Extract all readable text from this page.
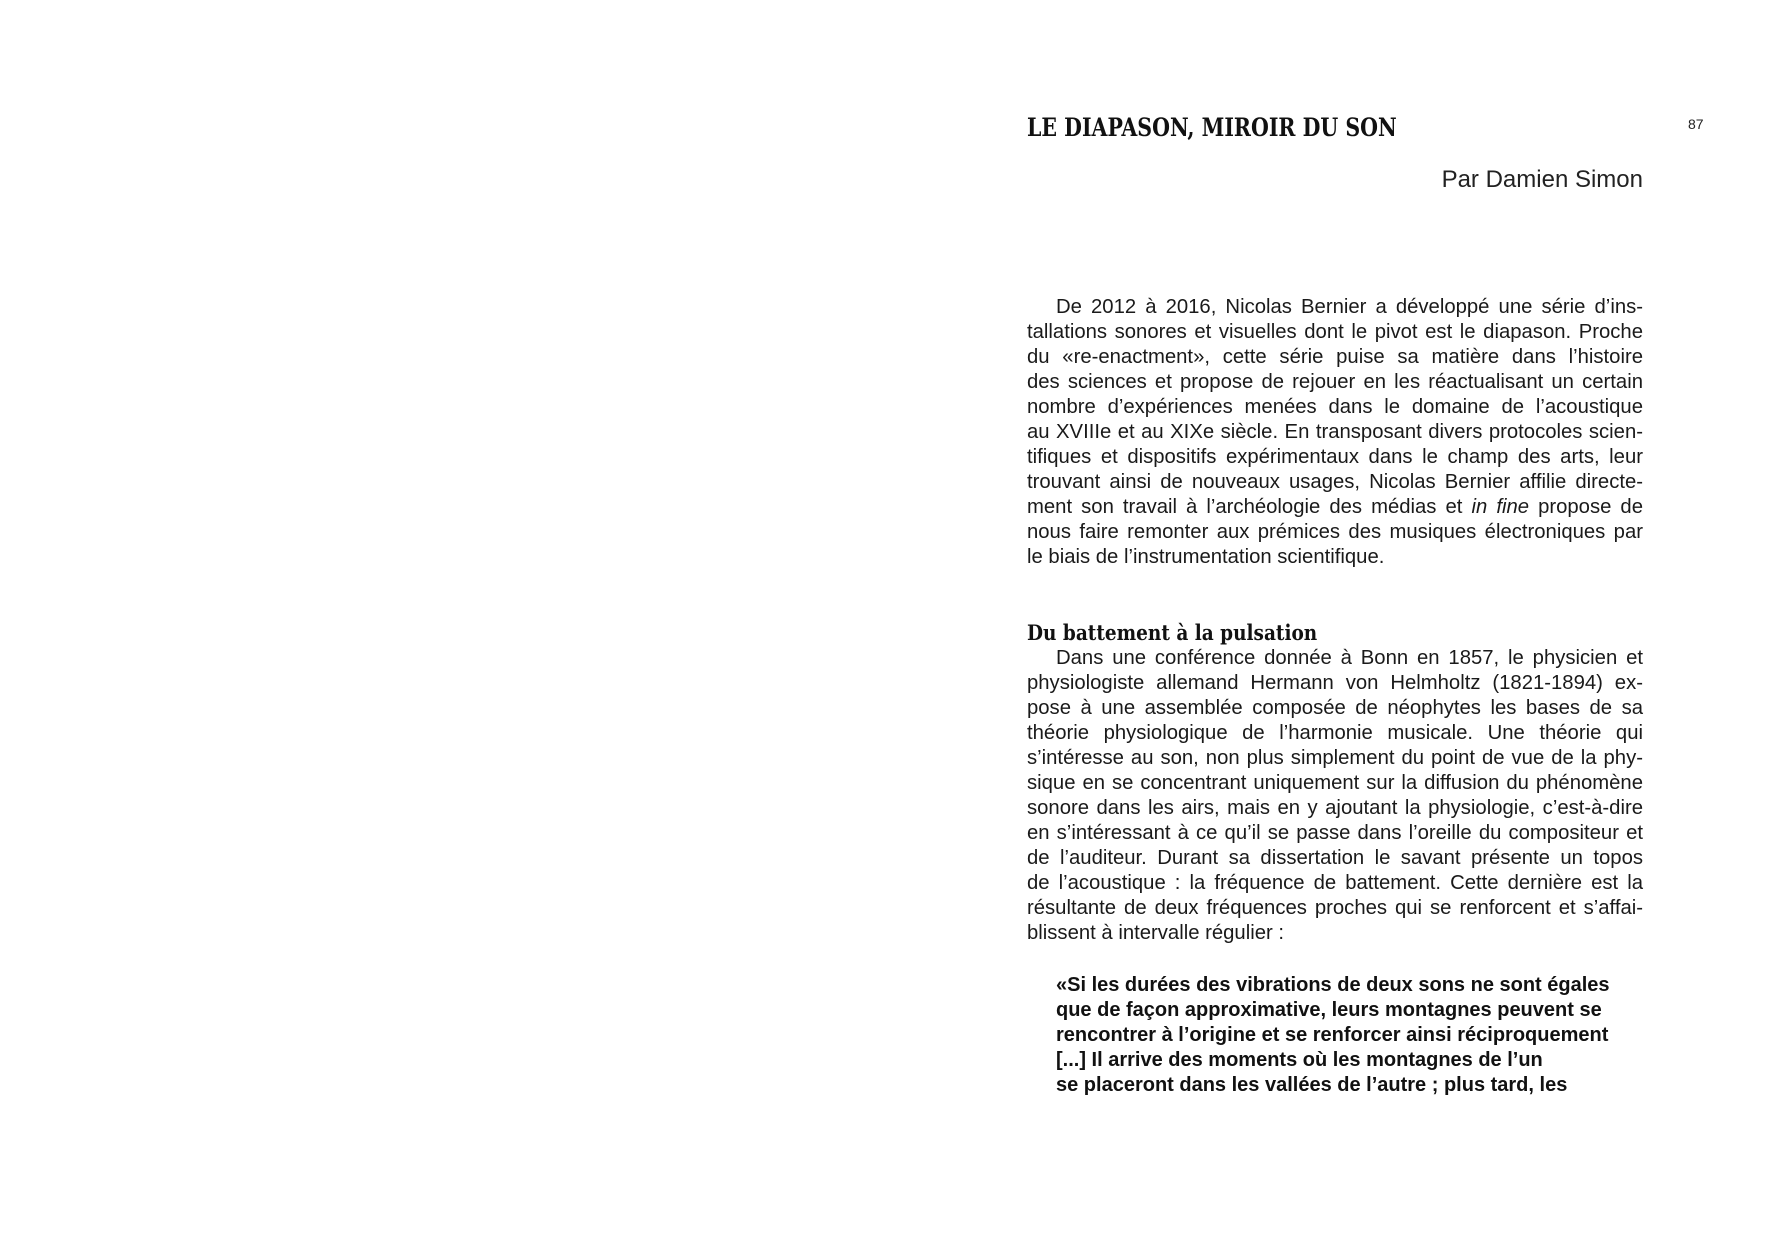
LE DIAPASON, MIROIR DU SON	87
Par Damien Simon
De 2012 à 2016, Nicolas Bernier a développé une série d’ins-
tallations sonores et visuelles dont le pivot est le diapason. Proche
du «re-enactment», cette série puise sa matière dans l’histoire
des sciences et propose de rejouer en les réactualisant un certain
nombre d’expériences menées dans le domaine de l’acoustique
au XVIIIe et au XIXe siècle. En transposant divers protocoles scien-
tifiques et dispositifs expérimentaux dans le champ des arts, leur
trouvant ainsi de nouveaux usages, Nicolas Bernier affilie directe-
ment son travail à l’archéologie des médias et in fine propose de
nous faire remonter aux prémices des musiques électroniques par
le biais de l’instrumentation scientifique.
Du battement à la pulsation
Dans une conférence donnée à Bonn en 1857, le physicien et
physiologiste allemand Hermann von Helmholtz (1821-1894) ex-
pose à une assemblée composée de néophytes les bases de sa
théorie physiologique de l’harmonie musicale. Une théorie qui
s’intéresse au son, non plus simplement du point de vue de la phy-
sique en se concentrant uniquement sur la diffusion du phénomène
sonore dans les airs, mais en y ajoutant la physiologie, c’est-à-dire
en s’intéressant à ce qu’il se passe dans l’oreille du compositeur et
de l’auditeur. Durant sa dissertation le savant présente un topos
de l’acoustique : la fréquence de battement. Cette dernière est la
résultante de deux fréquences proches qui se renforcent et s’affai-
blissent à intervalle régulier :
«Si les durées des vibrations de deux sons ne sont égales
que de façon approximative, leurs montagnes peuvent se
rencontrer à l’origine et se renforcer ainsi réciproquement
[...] Il arrive des moments où les montagnes de l’un
se placeront dans les vallées de l’autre ; plus tard, les
